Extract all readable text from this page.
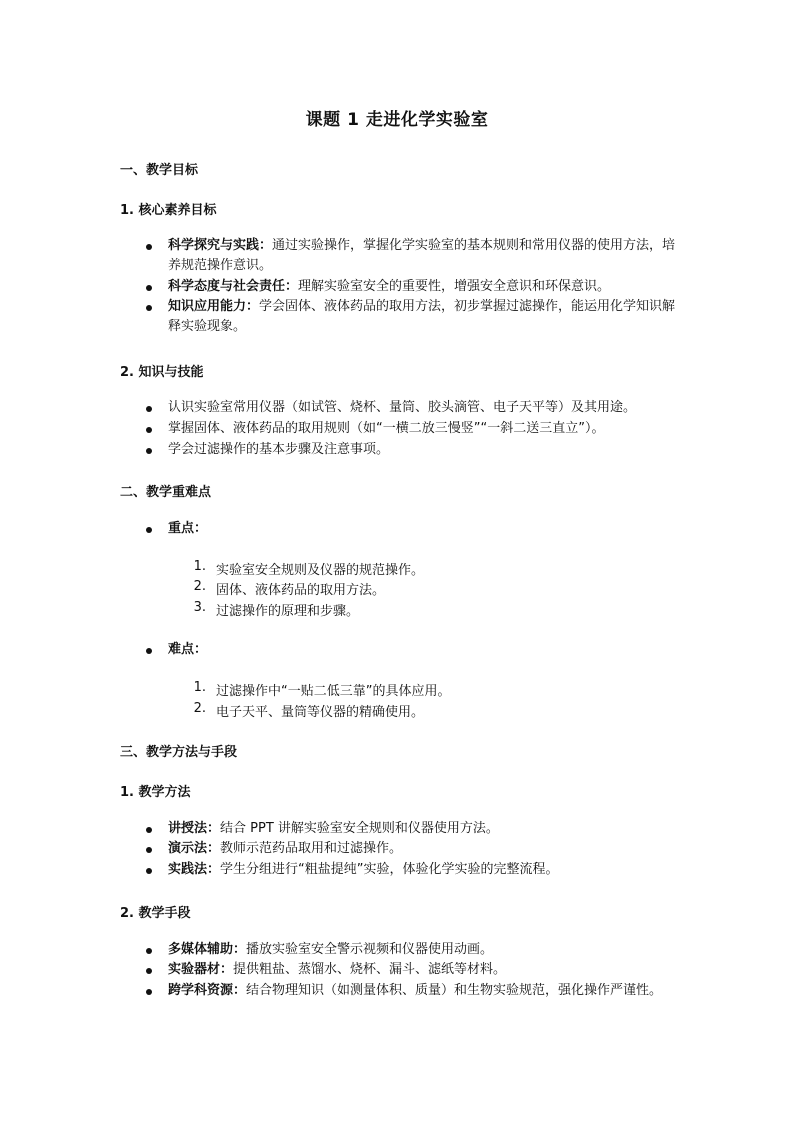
课题 1 走进化学实验室
一、教学目标
1. 核心素养目标
科学探究与实践：通过实验操作，掌握化学实验室的基本规则和常用仪器的使用方法，培养规范操作意识。
科学态度与社会责任：理解实验室安全的重要性，增强安全意识和环保意识。
知识应用能力：学会固体、液体药品的取用方法，初步掌握过滤操作，能运用化学知识解释实验现象。
2. 知识与技能
认识实验室常用仪器（如试管、烧杯、量筒、胶头滴管、电子天平等）及其用途。
掌握固体、液体药品的取用规则（如“一横二放三慢竖”“一斜二送三直立”）。
学会过滤操作的基本步骤及注意事项。
二、教学重难点
重点：
1. 实验室安全规则及仪器的规范操作。
2. 固体、液体药品的取用方法。
3. 过滤操作的原理和步骤。
难点：
1. 过滤操作中“一贴二低三靠”的具体应用。
2. 电子天平、量筒等仪器的精确使用。
三、教学方法与手段
1. 教学方法
讲授法：结合 PPT 讲解实验室安全规则和仪器使用方法。
演示法：教师示范药品取用和过滤操作。
实践法：学生分组进行“粗盐提纯”实验，体验化学实验的完整流程。
2. 教学手段
多媒体辅助：播放实验室安全警示视频和仪器使用动画。
实验器材：提供粗盐、蒸馏水、烧杯、漏斗、滤纸等材料。
跨学科资源：结合物理知识（如测量体积、质量）和生物实验规范，强化操作严谨性。
